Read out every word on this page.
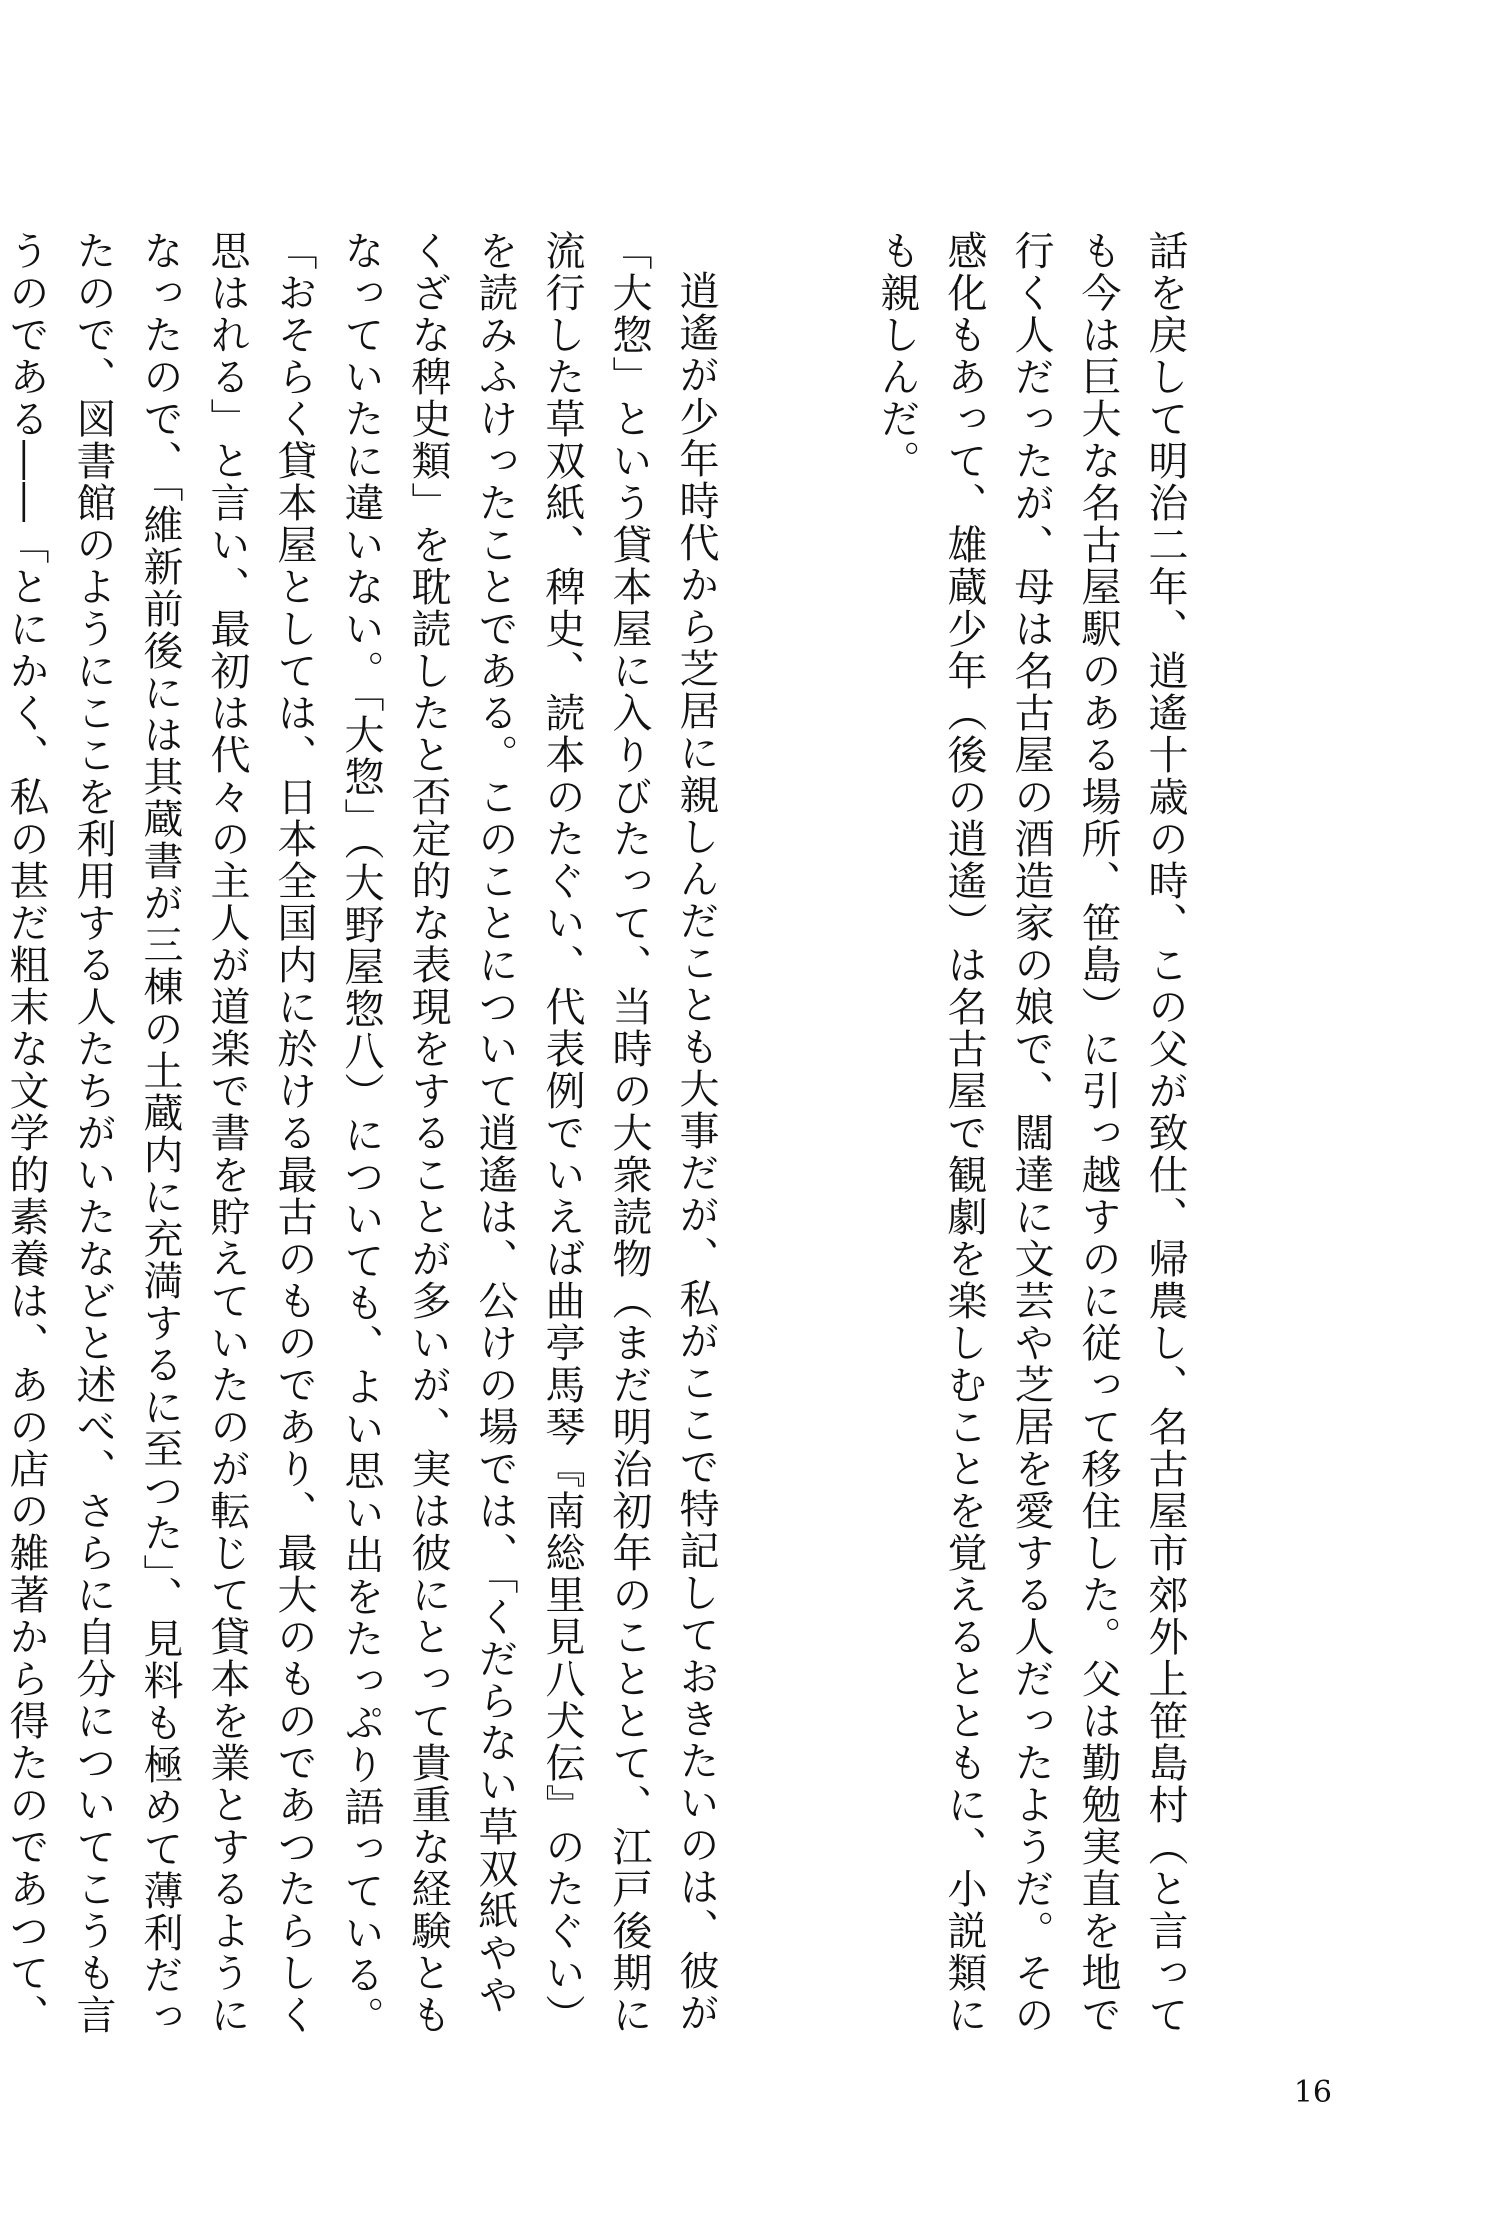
話を戻して明治二年、逍遙十歳の時、この父が致仕、帰農し、名古屋市郊外上笹島村（と言っても今は巨大な名古屋駅のある場所、笹島）に引っ越すのに従って移住した。父は勤勉実直を地で行く人だったが、母は名古屋の酒造家の娘で、闊達に文芸や芝居を愛する人だったようだ。その感化もあって、雄蔵少年（後の逍遙）は名古屋で観劇を楽しむことを覚えるとともに、小説類にも親しんだ。

逍遙が少年時代から芝居に親しんだことも大事だが、私がここで特記しておきたいのは、彼が「大惣」という貸本屋に入りびたって、当時の大衆読物（まだ明治初年のこととて、江戸後期に流行した草双紙、稗史、読本のたぐい、代表例でいえば曲亭馬琴『南総里見八犬伝』のたぐい）を読みふけったことである。このことについて逍遙は、公けの場では、「くだらない草双紙ややくざな稗史類」を耽読したと否定的な表現をすることが多いが、実は彼にとって貴重な経験ともなっていたに違いない。「大惣」（大野屋惣八）についても、よい思い出をたっぷり語っている。「おそらく貸本屋としては、日本全国内に於ける最古のものであり、最大のものであつたらしく思はれる」と言い、最初は代々の主人が道楽で書を貯えていたのが転じて貸本を業とするようになったので、「維新前後には其蔵書が三棟の土蔵内に充満するに至つた」、見料も極めて薄利だったので、図書館のようにここを利用する人たちがいたなどと述べ、さらに自分についてこうも言うのである――「とにかく、私の甚だ粗末な文学的素養は、あの店の雑著から得たのであつて、

16
